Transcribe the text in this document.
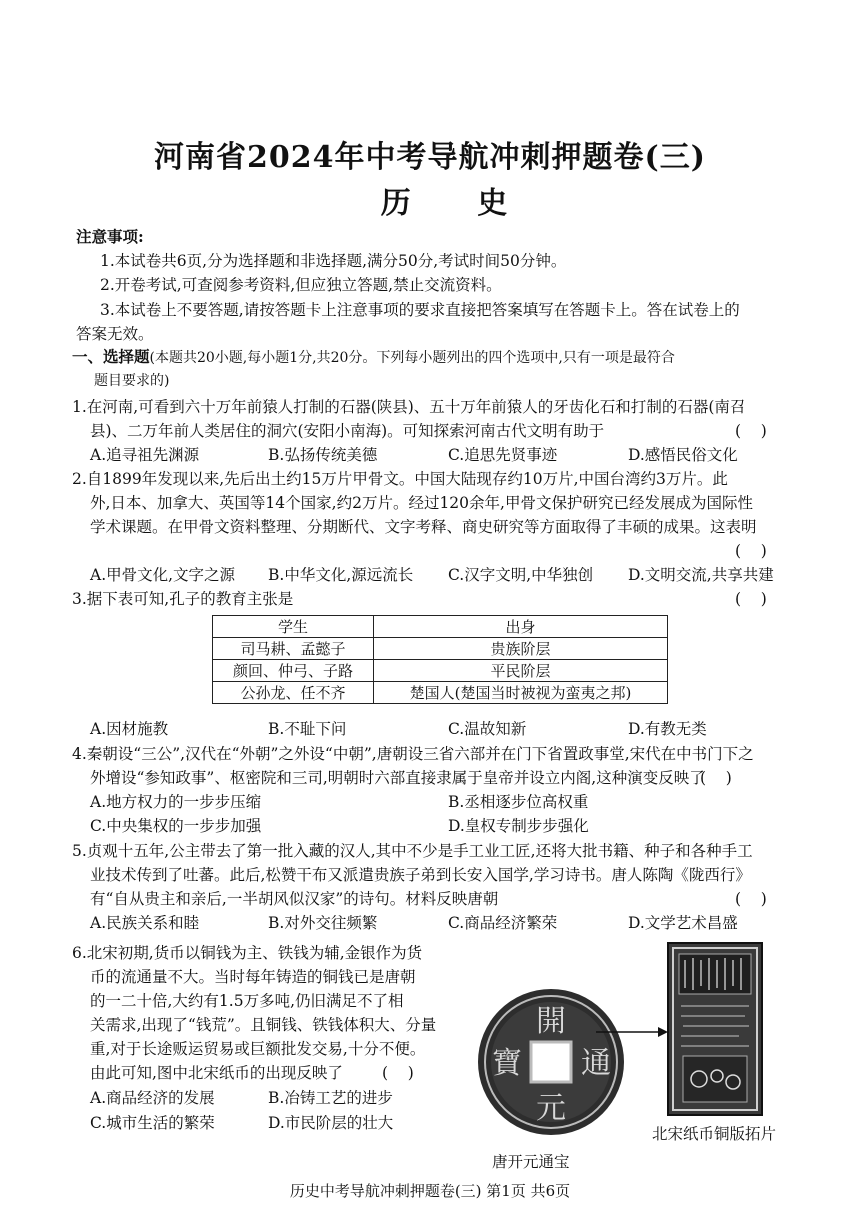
河南省2024年中考导航冲刺押题卷(三)
历 史
注意事项:
1.本试卷共6页,分为选择题和非选择题,满分50分,考试时间50分钟。
2.开卷考试,可查阅参考资料,但应独立答题,禁止交流资料。
3.本试卷上不要答题,请按答题卡上注意事项的要求直接把答案填写在答题卡上。答在试卷上的
答案无效。
一、选择题(本题共20小题,每小题1分,共20分。下列每小题列出的四个选项中,只有一项是最符合
题目要求的)
1.在河南,可看到六十万年前猿人打制的石器(陕县)、五十万年前猿人的牙齿化石和打制的石器(南召
县)、二万年前人类居住的洞穴(安阳小南海)。可知探索河南古代文明有助于	(    )
A.追寻祖先渊源	B.弘扬传统美德	C.追思先贤事迹	D.感悟民俗文化
2.自1899年发现以来,先后出土约15万片甲骨文。中国大陆现存约10万片,中国台湾约3万片。此
外,日本、加拿大、英国等14个国家,约2万片。经过120余年,甲骨文保护研究已经发展成为国际性
学术课题。在甲骨文资料整理、分期断代、文字考释、商史研究等方面取得了丰硕的成果。这表明
(    )
A.甲骨文化,文字之源 B.中华文化,源远流长 C.汉字文明,中华独创 D.文明交流,共享共建
3.据下表可知,孔子的教育主张是	(    )
学生	出身
司马耕、孟懿子	贵族阶层
颜回、仲弓、子路	平民阶层
公孙龙、任不齐	楚国人(楚国当时被视为蛮夷之邦)
A.因材施教	B.不耻下问	C.温故知新	D.有教无类
4.秦朝设“三公”,汉代在“外朝”之外设“中朝”,唐朝设三省六部并在门下省置政事堂,宋代在中书门下之
外增设“参知政事”、枢密院和三司,明朝时六部直接隶属于皇帝并设立内阁,这种演变反映了
(    )
A.地方权力的一步步压缩	B.丞相逐步位高权重
C.中央集权的一步步加强	D.皇权专制步步强化
5.贞观十五年,公主带去了第一批入藏的汉人,其中不少是手工业工匠,还将大批书籍、种子和各种手工
业技术传到了吐蕃。此后,松赞干布又派遣贵族子弟到长安入国学,学习诗书。唐人陈陶《陇西行》
有“自从贵主和亲后,一半胡风似汉家”的诗句。材料反映唐朝	(    )
A.民族关系和睦	B.对外交往频繁	C.商品经济繁荣	D.文学艺术昌盛
6.北宋初期,货币以铜钱为主、铁钱为辅,金银作为货
币的流通量不大。当时每年铸造的铜钱已是唐朝
的一二十倍,大约有1.5万多吨,仍旧满足不了相
关需求,出现了“钱荒”。且铜钱、铁钱体积大、分量
重,对于长途贩运贸易或巨额批发交易,十分不便。
由此可知,图中北宋纸币的出现反映了	(    )
A.商品经济的发展	B.冶铸工艺的进步
C.城市生活的繁荣	D.市民阶层的壮大
開
元
通
寶
唐开元通宝
北宋纸币铜版拓片
历史中考导航冲刺押题卷(三) 第1页 共6页
